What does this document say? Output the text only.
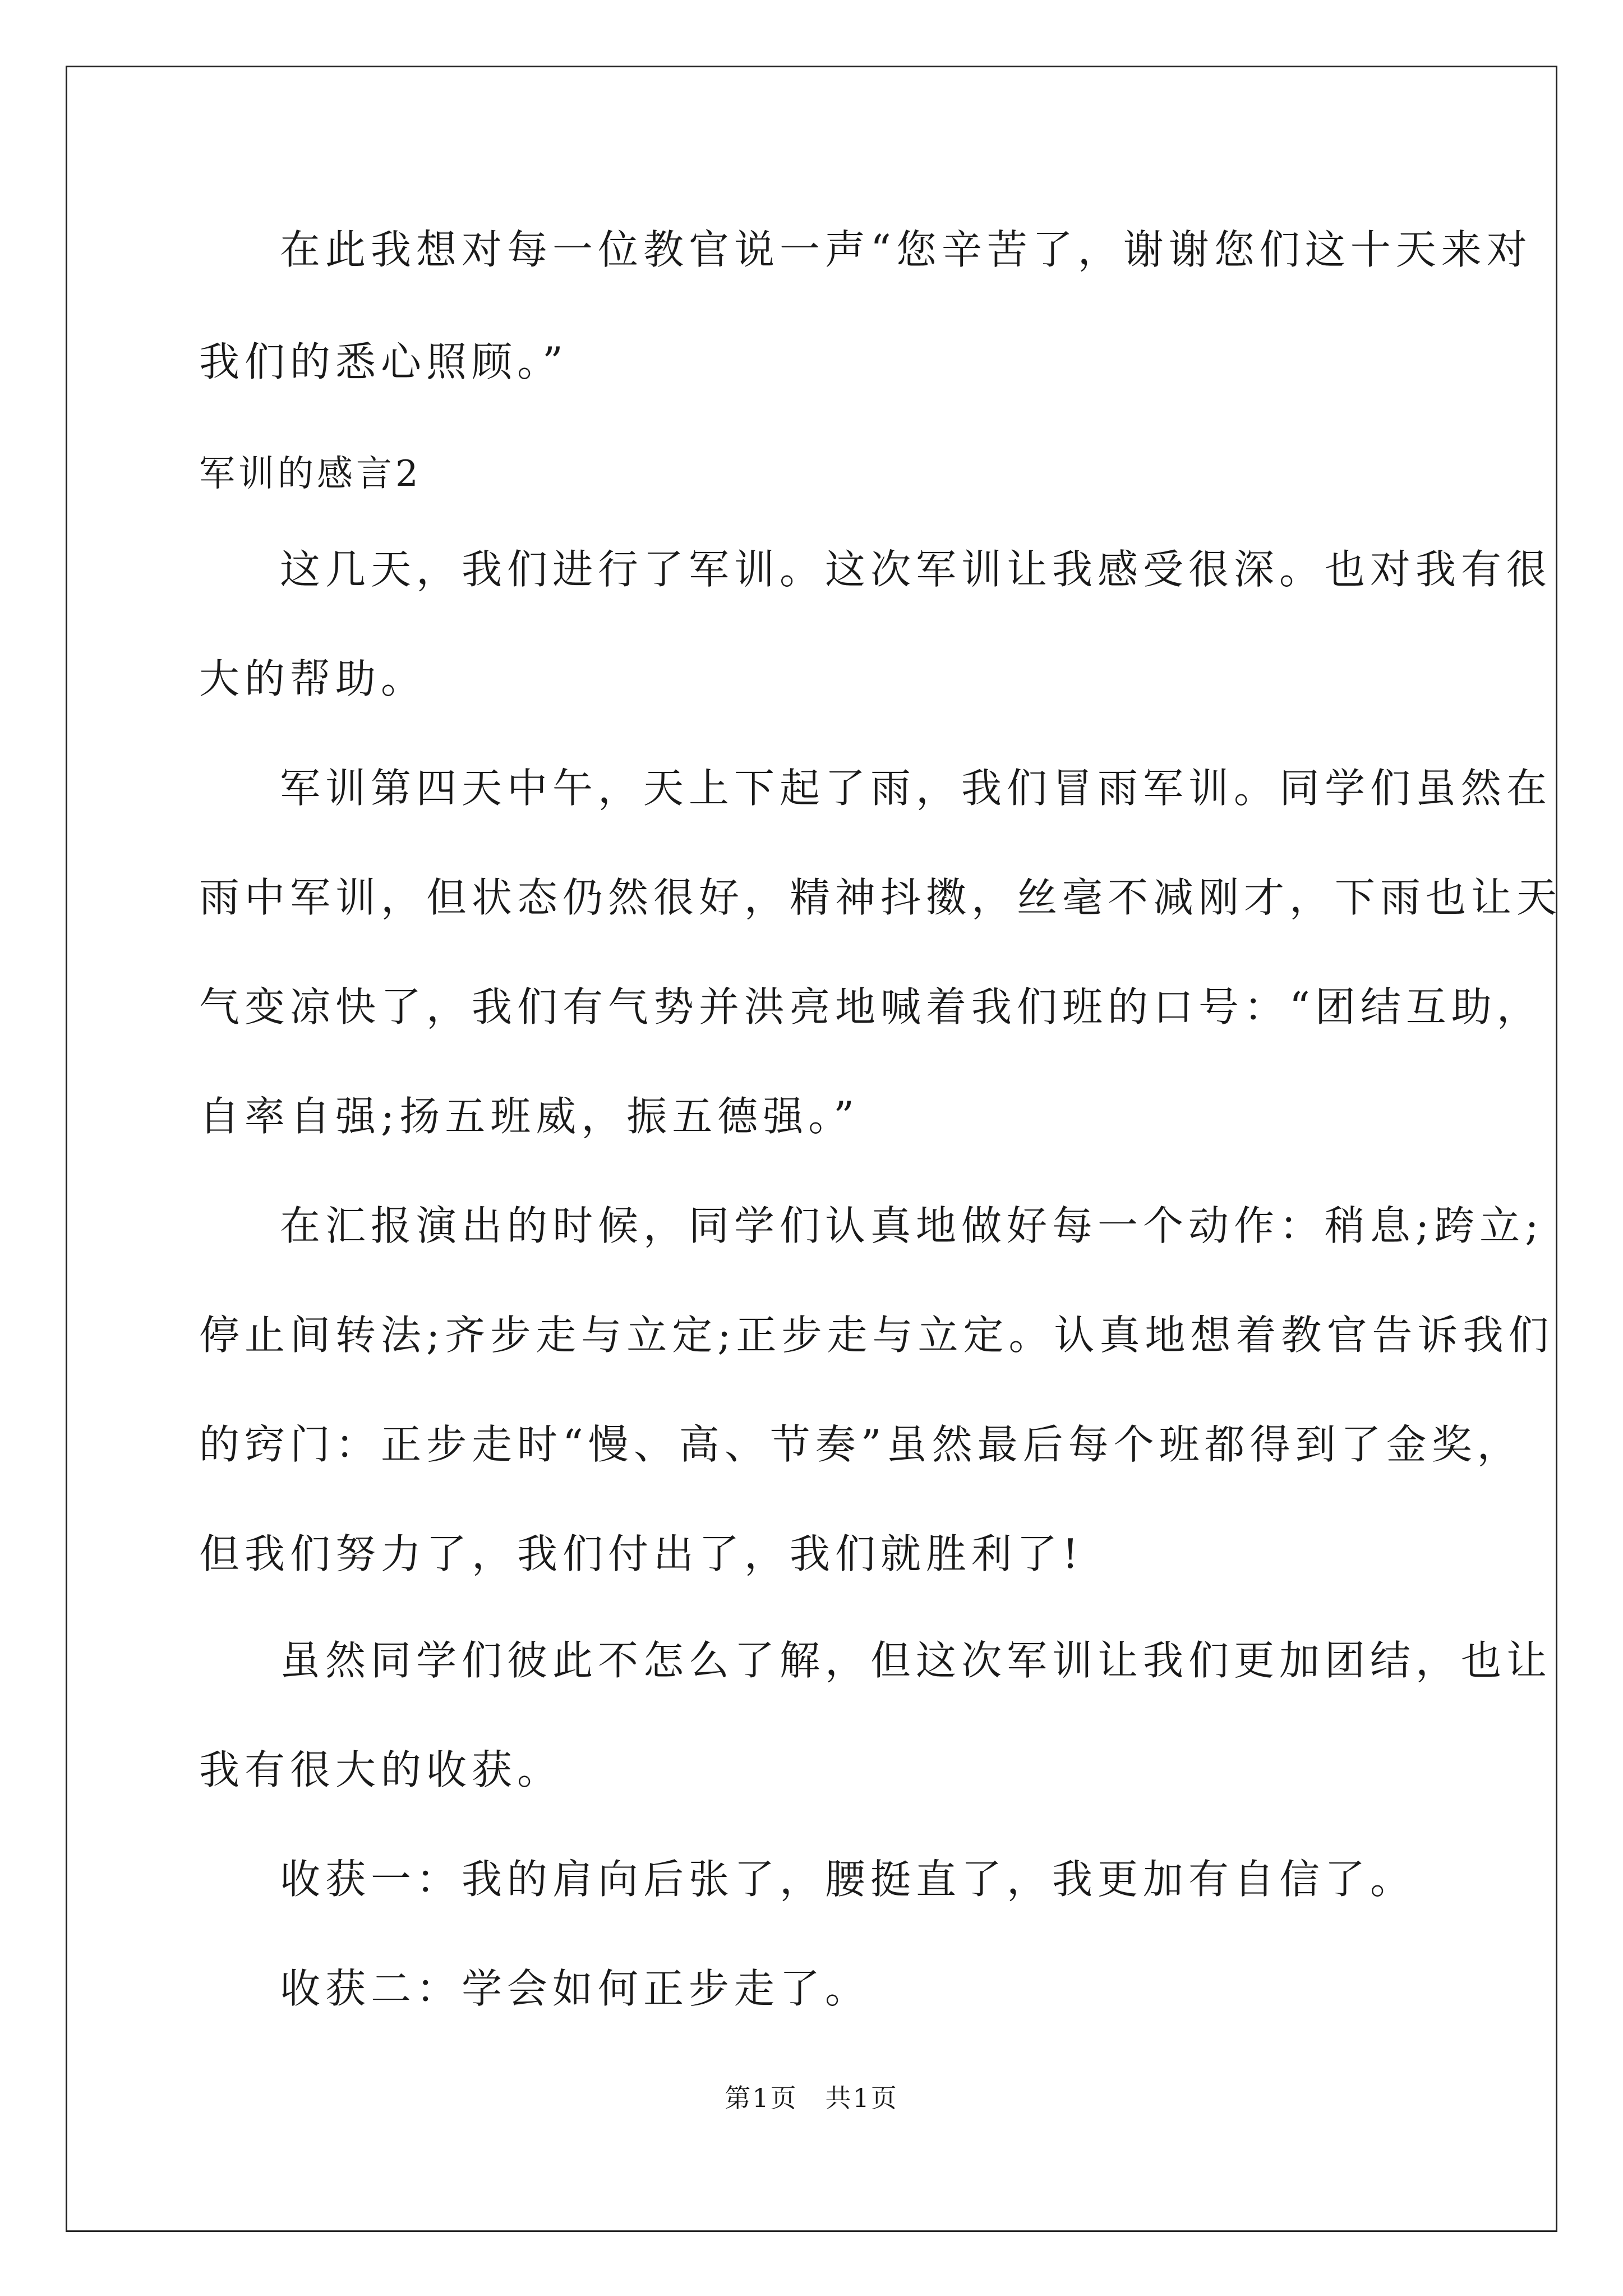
在此我想对每一位教官说一声“您辛苦了，谢谢您们这十天来对
我们的悉心照顾。”
军训的感言2
这几天，我们进行了军训。这次军训让我感受很深。也对我有很
大的帮助。
军训第四天中午，天上下起了雨，我们冒雨军训。同学们虽然在
雨中军训，但状态仍然很好，精神抖擞，丝毫不减刚才，下雨也让天
气变凉快了，我们有气势并洪亮地喊着我们班的口号：“团结互助，
自率自强;扬五班威，振五德强。”
在汇报演出的时候，同学们认真地做好每一个动作：稍息;跨立;
停止间转法;齐步走与立定;正步走与立定。认真地想着教官告诉我们
的窍门：正步走时“慢、高、节奏”虽然最后每个班都得到了金奖，
但我们努力了，我们付出了，我们就胜利了!
虽然同学们彼此不怎么了解，但这次军训让我们更加团结，也让
我有很大的收获。
收获一：我的肩向后张了，腰挺直了，我更加有自信了。
收获二：学会如何正步走了。
第1页　共1页
